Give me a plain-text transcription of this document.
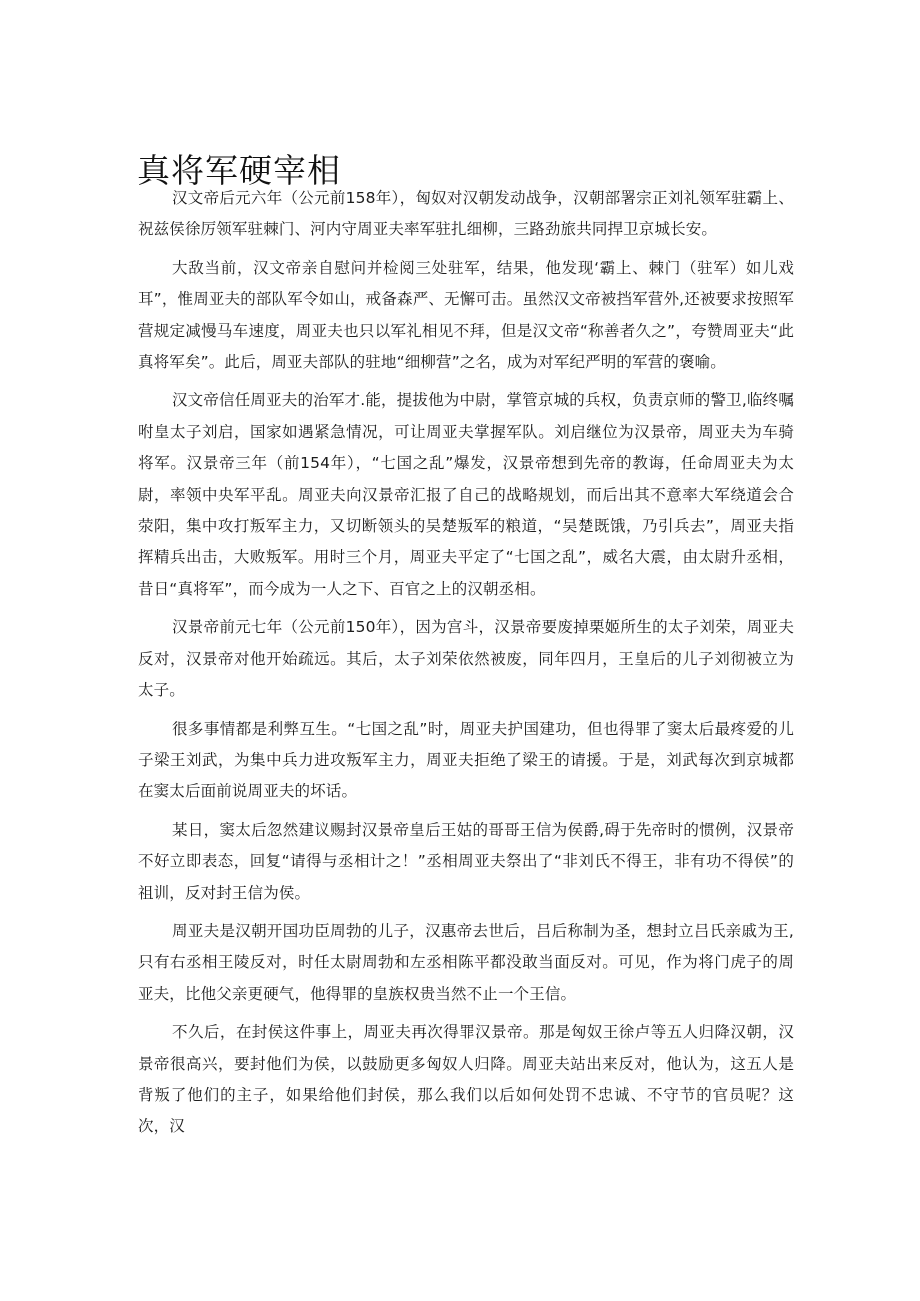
真将军硬宰相

汉文帝后元六年（公元前158年），匈奴对汉朝发动战争，汉朝部署宗正刘礼领军驻霸上、祝兹侯徐厉领军驻棘门、河内守周亚夫率军驻扎细柳，三路劲旅共同捍卫京城长安。

大敌当前，汉文帝亲自慰问并检阅三处驻军，结果，他发现‘霸上、棘门（驻军）如儿戏耳”，惟周亚夫的部队军令如山，戒备森严、无懈可击。虽然汉文帝被挡军营外,还被要求按照军营规定减慢马车速度，周亚夫也只以军礼相见不拜，但是汉文帝“称善者久之”，夸赞周亚夫“此真将军矣”。此后，周亚夫部队的驻地“细柳营”之名，成为对军纪严明的军营的褒喻。

汉文帝信任周亚夫的治军才.能，提拔他为中尉，掌管京城的兵权，负责京师的警卫,临终嘱咐皇太子刘启，国家如遇紧急情况，可让周亚夫掌握军队。刘启继位为汉景帝，周亚夫为车骑将军。汉景帝三年（前154年），“七国之乱”爆发，汉景帝想到先帝的教诲，任命周亚夫为太尉，率领中央军平乱。周亚夫向汉景帝汇报了自己的战略规划，而后出其不意率大军绕道会合荥阳，集中攻打叛军主力，又切断领头的吴楚叛军的粮道，“吴楚既饿，乃引兵去”，周亚夫指挥精兵出击，大败叛军。用时三个月，周亚夫平定了“七国之乱”，威名大震，由太尉升丞相，昔日“真将军”，而今成为一人之下、百官之上的汉朝丞相。

汉景帝前元七年（公元前150年），因为宫斗，汉景帝要废掉栗姬所生的太子刘荣，周亚夫反对，汉景帝对他开始疏远。其后，太子刘荣依然被废，同年四月，王皇后的儿子刘彻被立为太子。

很多事情都是利弊互生。“七国之乱”时，周亚夫护国建功，但也得罪了窦太后最疼爱的儿子梁王刘武，为集中兵力进攻叛军主力，周亚夫拒绝了梁王的请援。于是，刘武每次到京城都在窦太后面前说周亚夫的坏话。

某日，窦太后忽然建议赐封汉景帝皇后王姑的哥哥王信为侯爵,碍于先帝时的惯例，汉景帝不好立即表态，回复“请得与丞相计之！”丞相周亚夫祭出了“非刘氏不得王，非有功不得侯”的祖训，反对封王信为侯。

周亚夫是汉朝开国功臣周勃的儿子，汉惠帝去世后，吕后称制为圣，想封立吕氏亲戚为王,只有右丞相王陵反对，时任太尉周勃和左丞相陈平都没敢当面反对。可见，作为将门虎子的周亚夫，比他父亲更硬气，他得罪的皇族权贵当然不止一个王信。

不久后，在封侯这件事上，周亚夫再次得罪汉景帝。那是匈奴王徐卢等五人归降汉朝，汉景帝很高兴，要封他们为侯，以鼓励更多匈奴人归降。周亚夫站出来反对，他认为，这五人是背叛了他们的主子，如果给他们封侯，那么我们以后如何处罚不忠诚、不守节的官员呢？这次，汉
